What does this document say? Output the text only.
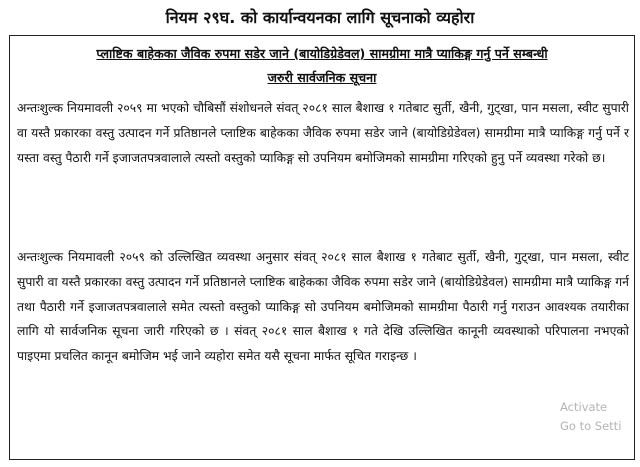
नियम २९घ. को कार्यान्वयनका लागि सूचनाको व्यहोरा
प्लाष्टिक बाहेकका जैविक रुपमा सडेर जाने (बायोडिग्रेडेवल) सामग्रीमा मात्रै प्याकिङ्ग गर्नु पर्ने सम्बन्धी
जरुरी सार्वजनिक सूचना

अन्तःशुल्क नियमावली २०५९ मा भएको चौबिसौं संशोधनले संवत् २०८१ साल बैशाख १ गतेबाट सुर्ती, खैनी, गुट्खा, पान मसला, स्वीट सुपारी वा यस्तै प्रकारका वस्तु उत्पादन गर्ने प्रतिष्ठानले प्लाष्टिक बाहेकका जैविक रुपमा सडेर जाने (बायोडिग्रेडेवल) सामग्रीमा मात्रै प्याकिङ्ग गर्नु पर्ने र यस्ता वस्तु पैठारी गर्ने इजाजतपत्रवालाले त्यस्तो वस्तुको प्याकिङ्ग सो उपनियम बमोजिमको सामग्रीमा गरिएको हुनु पर्ने व्यवस्था गरेको छ।

अन्तःशुल्क नियमावली २०५९ को उल्लिखित व्यवस्था अनुसार संवत् २०८१ साल बैशाख १ गतेबाट सुर्ती, खैनी, गुट्खा, पान मसला, स्वीट सुपारी वा यस्तै प्रकारका वस्तु उत्पादन गर्ने प्रतिष्ठानले प्लाष्टिक बाहेकका जैविक रुपमा सडेर जाने (बायोडिग्रेडेवल) सामग्रीमा मात्रै प्याकिङ्ग गर्न तथा पैठारी गर्ने इजाजतपत्रवालाले समेत त्यस्तो वस्तुको प्याकिङ्ग सो उपनियम बमोजिमको सामग्रीमा पैठारी गर्नु गराउन आवश्यक तयारीका लागि यो सार्वजनिक सूचना जारी गरिएको छ । संवत् २०८१ साल बैशाख १ गते देखि उल्लिखित कानूनी व्यवस्थाको परिपालना नभएको पाइएमा प्रचलित कानून बमोजिम भई जाने व्यहोरा समेत यसै सूचना मार्फत सूचित गराइन्छ ।

Activate
Go to Setti
